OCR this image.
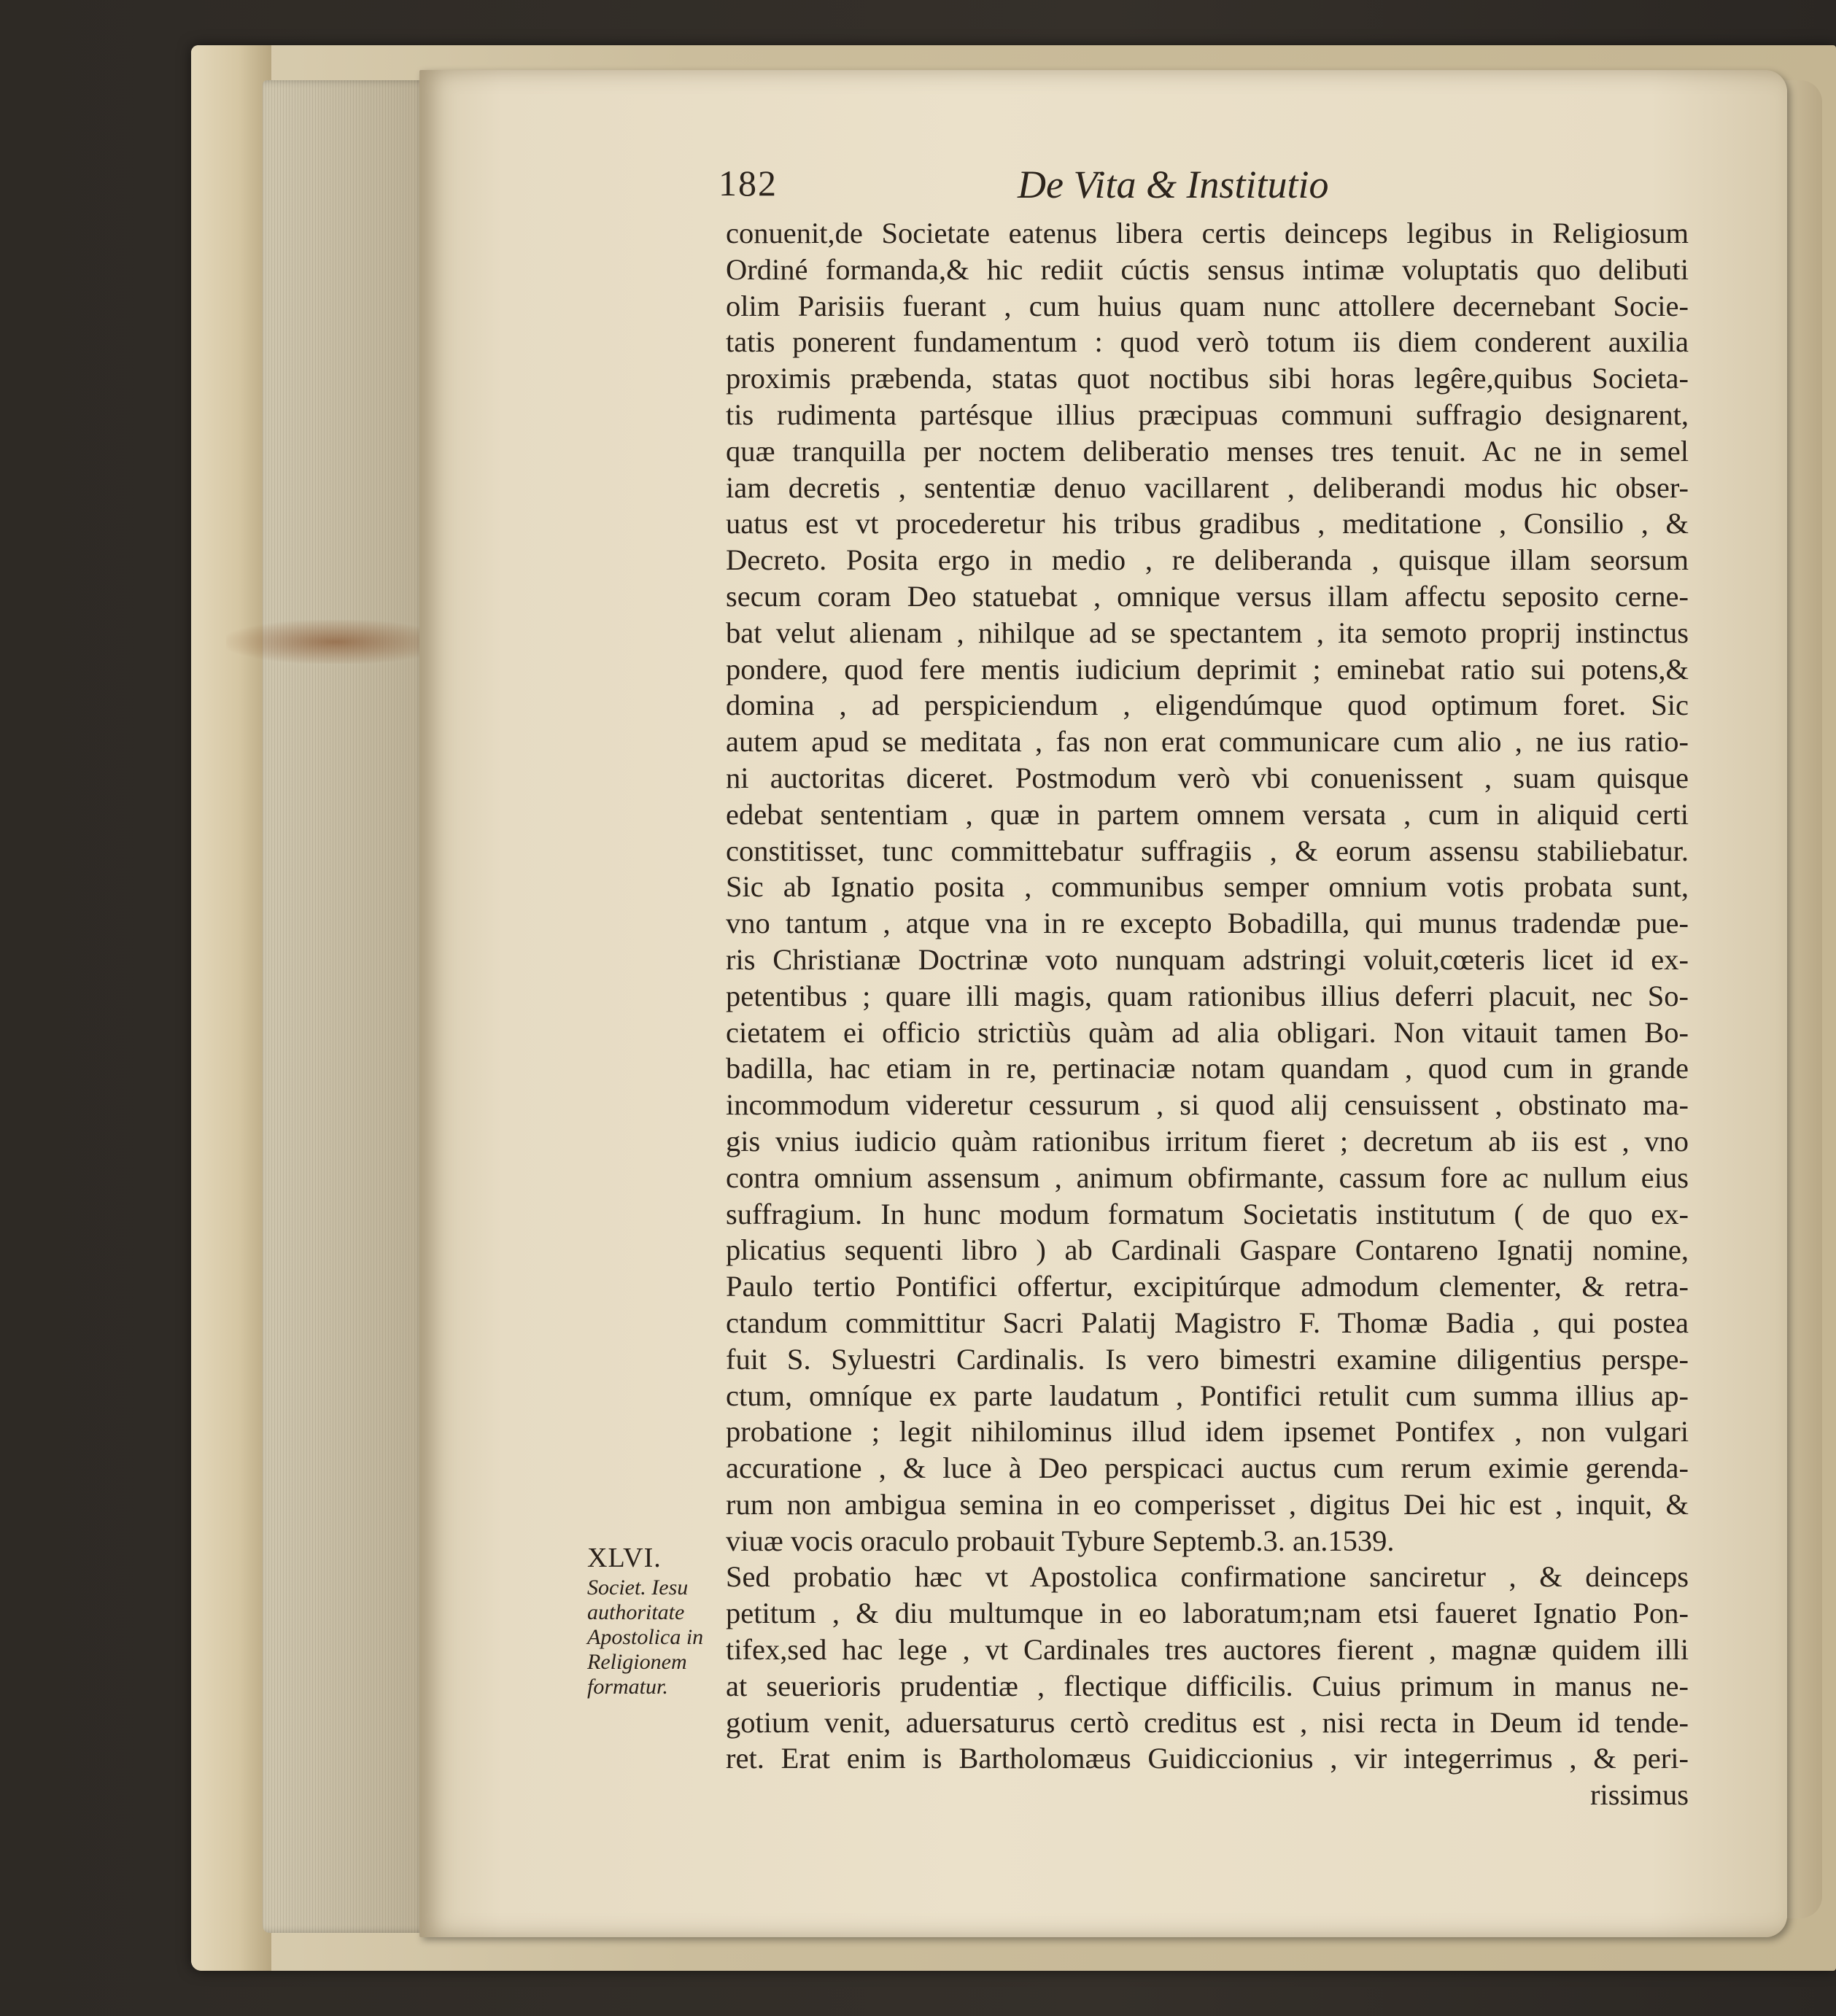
182	De Vita & Institutio
conuenit,de Societate eatenus libera certis deinceps legibus in Religiosum
Ordiné formanda,& hic rediit cúctis sensus intimæ voluptatis quo delibuti
olim Parisiis fuerant , cum huius quam nunc attollere decernebant Socie-
tatis ponerent fundamentum : quod verò totum iis diem conderent auxilia
proximis præbenda, statas quot noctibus sibi horas legêre,quibus Societa-
tis rudimenta partésque illius præcipuas communi suffragio designarent,
quæ tranquilla per noctem deliberatio menses tres tenuit. Ac ne in semel
iam decretis , sententiæ denuo vacillarent , deliberandi modus hic obser-
uatus est vt procederetur his tribus gradibus , meditatione , Consilio , &
Decreto. Posita ergo in medio , re deliberanda , quisque illam seorsum
secum coram Deo statuebat , omnique versus illam affectu seposito cerne-
bat velut alienam , nihilque ad se spectantem , ita semoto proprij instinctus
pondere, quod fere mentis iudicium deprimit ; eminebat ratio sui potens,&
domina , ad perspiciendum , eligendúmque quod optimum foret. Sic
autem apud se meditata , fas non erat communicare cum alio , ne ius ratio-
ni auctoritas diceret. Postmodum verò vbi conuenissent , suam quisque
edebat sententiam , quæ in partem omnem versata , cum in aliquid certi
constitisset, tunc committebatur suffragiis , & eorum assensu stabiliebatur.
Sic ab Ignatio posita , communibus semper omnium votis probata sunt,
vno tantum , atque vna in re excepto Bobadilla, qui munus tradendæ pue-
ris Christianæ Doctrinæ voto nunquam adstringi voluit,cœteris licet id ex-
petentibus ; quare illi magis, quam rationibus illius deferri placuit, nec So-
cietatem ei officio strictiùs quàm ad alia obligari. Non vitauit tamen Bo-
badilla, hac etiam in re, pertinaciæ notam quandam , quod cum in grande
incommodum videretur cessurum , si quod alij censuissent , obstinato ma-
gis vnius iudicio quàm rationibus irritum fieret ; decretum ab iis est , vno
contra omnium assensum , animum obfirmante, cassum fore ac nullum eius
suffragium. In hunc modum formatum Societatis institutum ( de quo ex-
plicatius sequenti libro ) ab Cardinali Gaspare Contareno Ignatij nomine,
Paulo tertio Pontifici offertur, excipitúrque admodum clementer, & retra-
ctandum committitur Sacri Palatij Magistro F. Thomæ Badia , qui postea
fuit S. Syluestri Cardinalis. Is vero bimestri examine diligentius perspe-
ctum, omníque ex parte laudatum , Pontifici retulit cum summa illius ap-
probatione ; legit nihilominus illud idem ipsemet Pontifex , non vulgari
accuratione , & luce à Deo perspicaci auctus cum rerum eximie gerenda-
rum non ambigua semina in eo comperisset , digitus Dei hic est , inquit, &
viuæ vocis oraculo probauit Tybure Septemb.3. an.1539.
Sed probatio hæc vt Apostolica confirmatione sanciretur , & deinceps
petitum , & diu multumque in eo laboratum;nam etsi faueret Ignatio Pon-
tifex,sed hac lege , vt Cardinales tres auctores fierent , magnæ quidem illi
at seuerioris prudentiæ , flectique difficilis. Cuius primum in manus ne-
gotium venit, aduersaturus certò creditus est , nisi recta in Deum id tende-
ret. Erat enim is Bartholomæus Guidiccionius , vir integerrimus , & peri-
rissimus
XLVI.
Societ. Iesu
authoritate
Apostolica in
Religionem
formatur.
